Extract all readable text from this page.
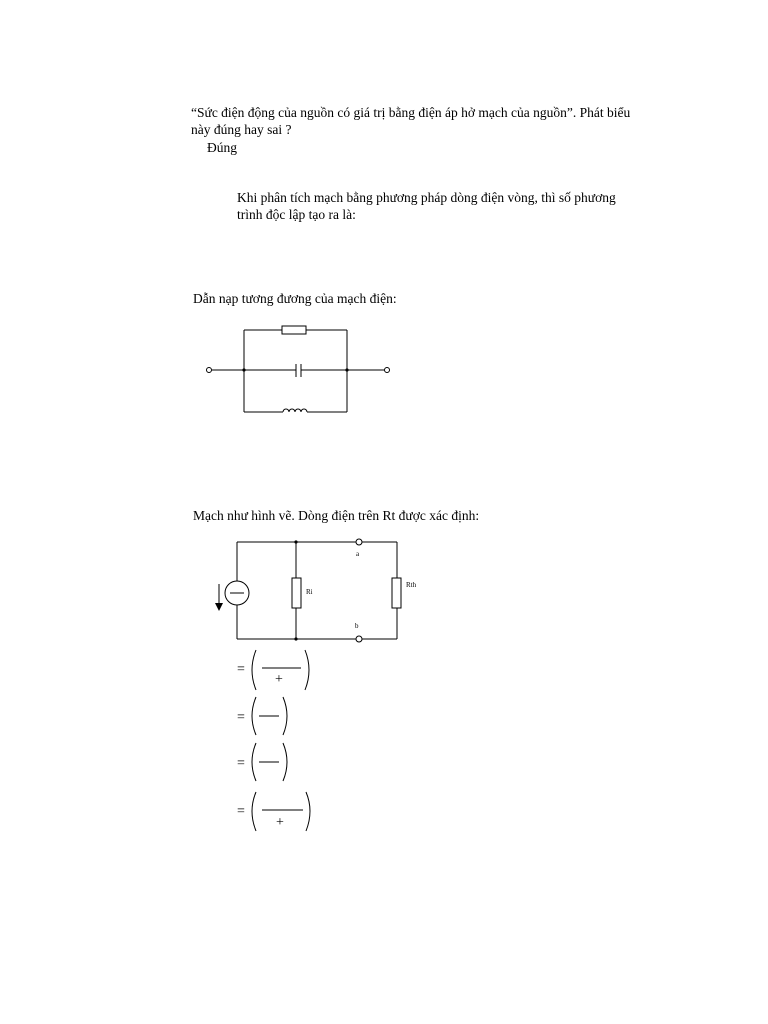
“Sức điện động của nguồn có giá trị bằng điện áp hở mạch của nguồn”. Phát biểu
này đúng hay sai ?
Đúng
Khi phân tích mạch bằng phương pháp dòng điện vòng, thì số phương
trình độc lập tạo ra là:
Dẫn nạp tương đương của mạch điện:
Mạch như hình vẽ. Dòng điện trên Rt được xác định:
a
b
Ri
Rth
=
+
=
=
=
+
